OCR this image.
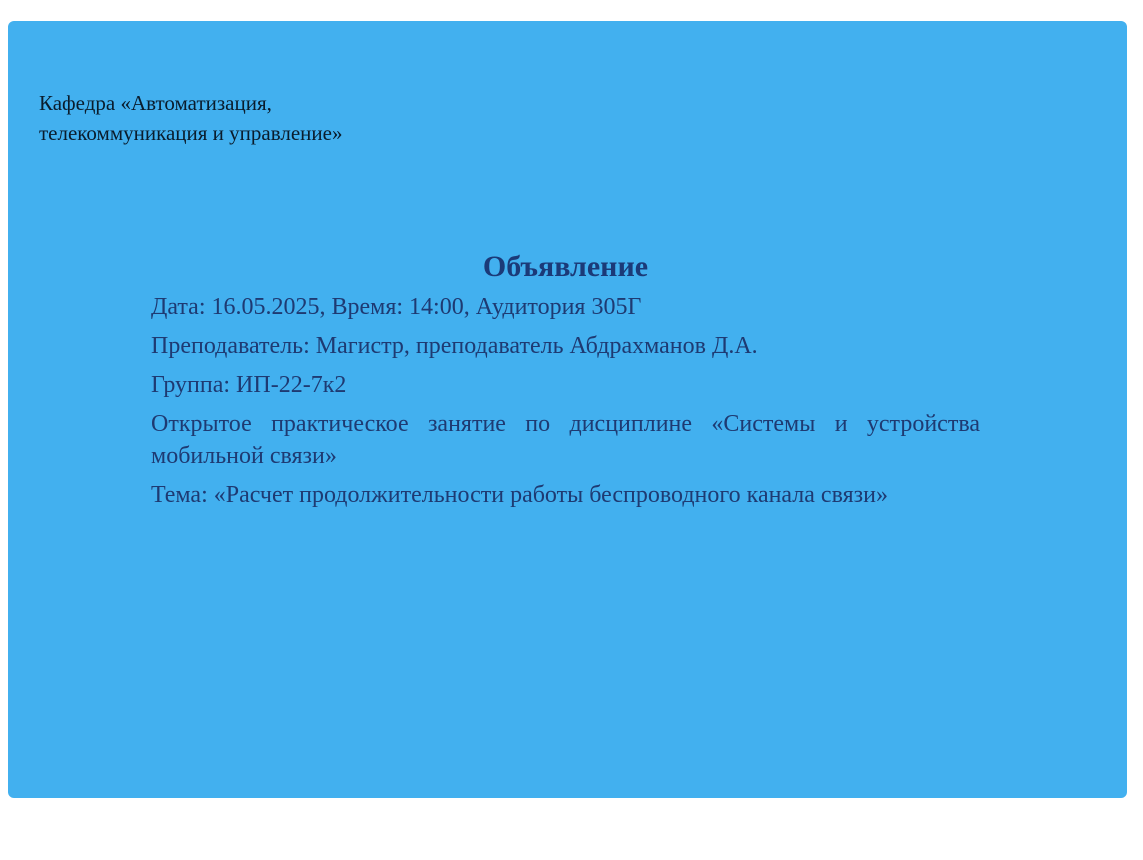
Кафедра «Автоматизация,
телекоммуникация и управление»
Объявление
Дата: 16.05.2025, Время: 14:00, Аудитория 305Г
Преподаватель: Магистр, преподаватель Абдрахманов Д.А.
Группа: ИП-22-7к2
Открытое практическое занятие по дисциплине «Системы и устройства мобильной связи»
Тема: «Расчет продолжительности работы беспроводного канала связи»
